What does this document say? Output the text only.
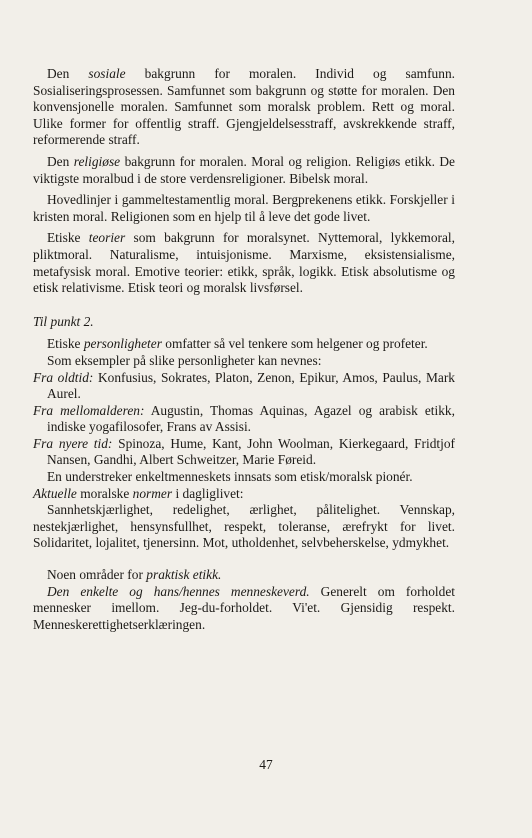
Den sosiale bakgrunn for moralen. Individ og samfunn. Sosialiseringsprosessen. Samfunnet som bakgrunn og støtte for moralen. Den konvensjonelle moralen. Samfunnet som moralsk problem. Rett og moral. Ulike former for offentlig straff. Gjengjeldelsesstraff, avskrekkende straff, reformerende straff.

Den religiøse bakgrunn for moralen. Moral og religion. Religiøs etikk. De viktigste moralbud i de store verdensreligioner. Bibelsk moral.

Hovedlinjer i gammeltestamentlig moral. Bergprekenens etikk. Forskjeller i kristen moral. Religionen som en hjelp til å leve det gode livet.

Etiske teorier som bakgrunn for moralsynet. Nyttemoral, lykkemoral, pliktmoral. Naturalisme, intuisjonisme. Marxisme, eksistensialisme, metafysisk moral. Emotive teorier: etikk, språk, logikk. Etisk absolutisme og etisk relativisme. Etisk teori og moralsk livsførsel.

Til punkt 2.

Etiske personligheter omfatter så vel tenkere som helgener og profeter.

Som eksempler på slike personligheter kan nevnes:

Fra oldtid: Konfusius, Sokrates, Platon, Zenon, Epikur, Amos, Paulus, Mark Aurel.

Fra mellomalderen: Augustin, Thomas Aquinas, Agazel og arabisk etikk, indiske yogafilosofer, Frans av Assisi.

Fra nyere tid: Spinoza, Hume, Kant, John Woolman, Kierkegaard, Fridtjof Nansen, Gandhi, Albert Schweitzer, Marie Føreid.

En understreker enkeltmenneskets innsats som etisk/moralsk pionér.

Aktuelle moralske normer i dagliglivet:

Sannhetskjærlighet, redelighet, ærlighet, pålitelighet. Vennskap, nestekjærlighet, hensynsfullhet, respekt, toleranse, ærefrykt for livet. Solidaritet, lojalitet, tjenersinn. Mot, utholdenhet, selvbeherskelse, ydmykhet.

Noen områder for praktisk etikk.

Den enkelte og hans/hennes menneskeverd. Generelt om forholdet mennesker imellom. Jeg-du-forholdet. Vi'et. Gjensidig respekt. Menneskerettighetserklæringen.

47
